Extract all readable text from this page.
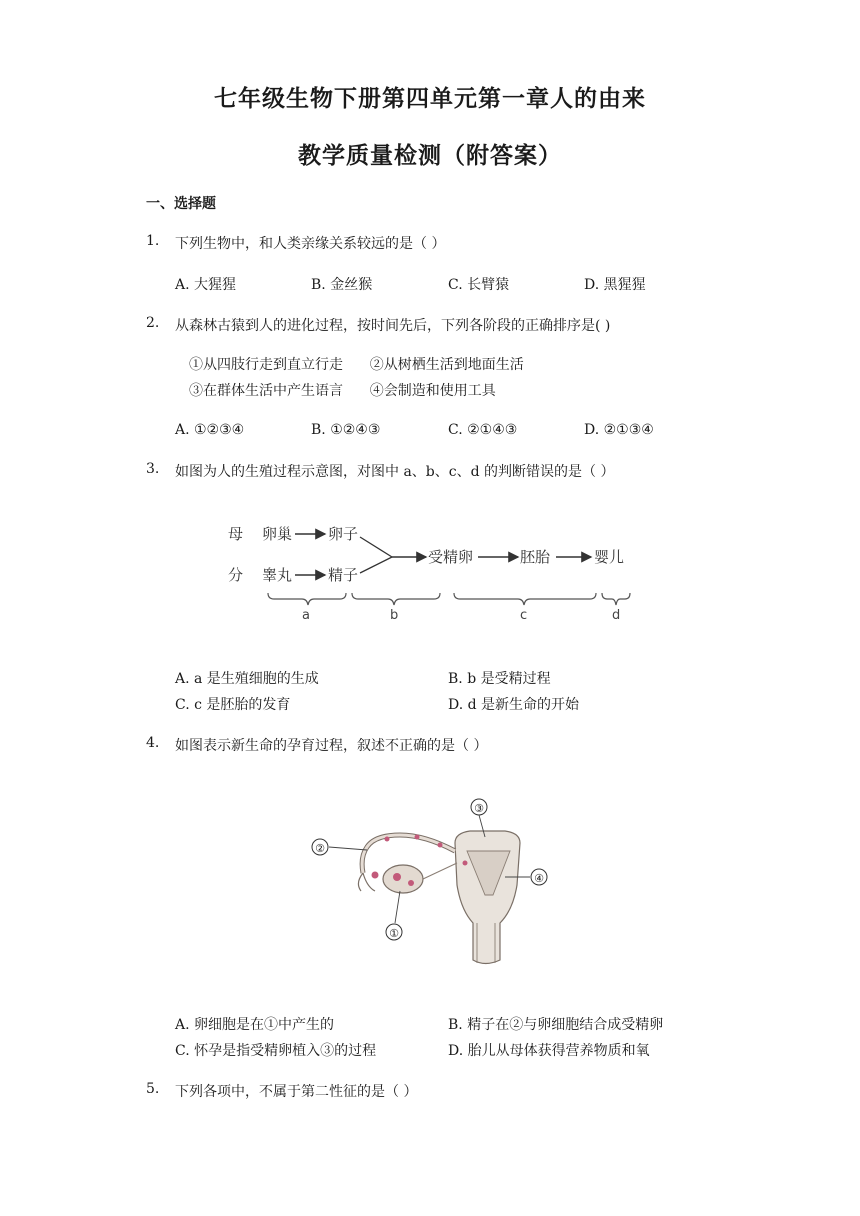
七年级生物下册第四单元第一章人的由来
教学质量检测（附答案）
一、选择题
1. 下列生物中，和人类亲缘关系较远的是（ ）
A. 大猩猩	B. 金丝猴	C. 长臂猿	D. 黑猩猩
2. 从森林古猿到人的进化过程，按时间先后，下列各阶段的正确排序是( )
①从四肢行走到直立行走      ②从树栖生活到地面生活
③在群体生活中产生语言      ④会制造和使用工具
A. ①②③④	B. ①②④③	C. ②①④③	D. ②①③④
3. 如图为人的生殖过程示意图，对图中 a、b、c、d 的判断错误的是（ ）
母 卵巢 卵子
分 睾丸 精子
受精卵	胚胎	婴儿
a	b	c	d
A. a 是生殖细胞的生成	B. b 是受精过程
C. c 是胚胎的发育	D. d 是新生命的开始
4. 如图表示新生命的孕育过程，叙述不正确的是（ ）
②
③
④
①
A. 卵细胞是在①中产生的	B. 精子在②与卵细胞结合成受精卵
C. 怀孕是指受精卵植入③的过程	D. 胎儿从母体获得营养物质和氧
5. 下列各项中，不属于第二性征的是（ ）
